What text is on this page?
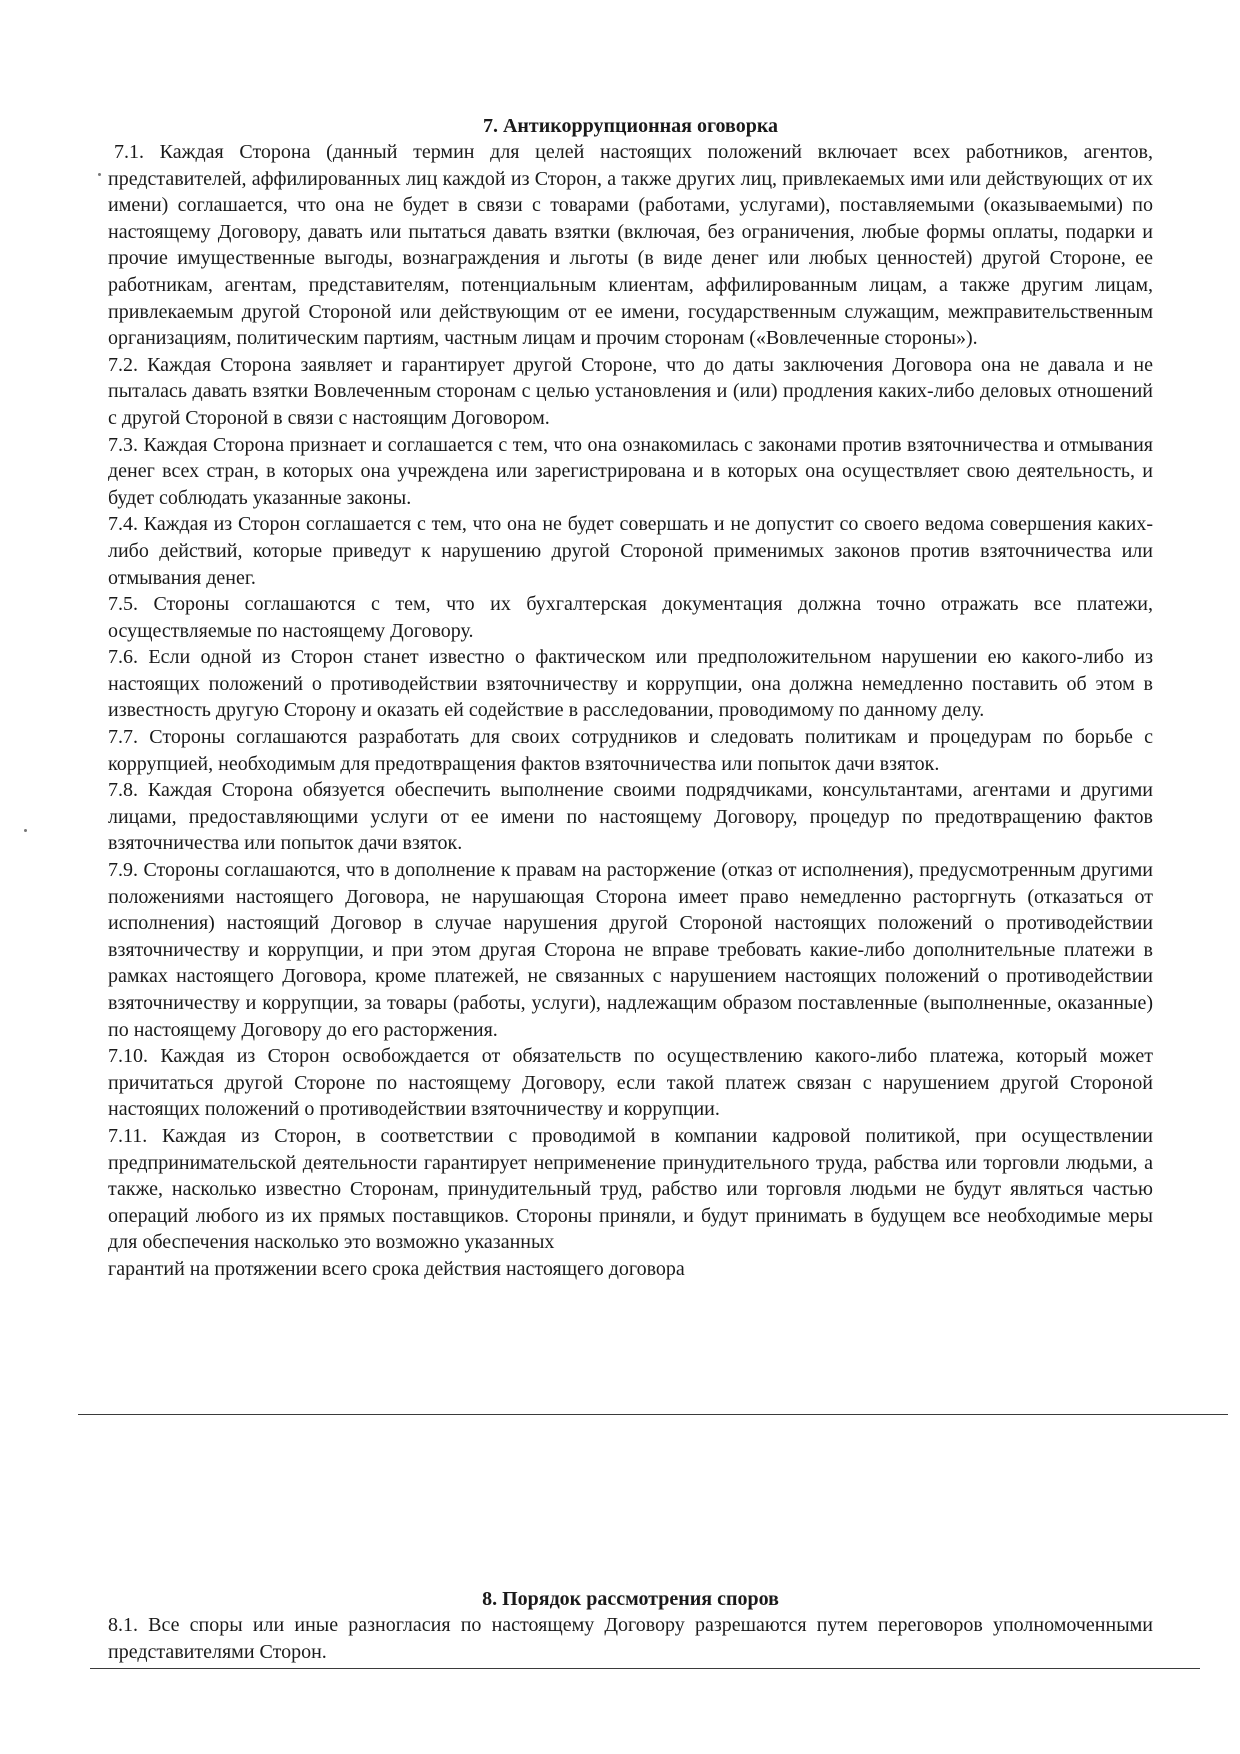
7. Антикоррупционная оговорка

7.1. Каждая Сторона (данный термин для целей настоящих положений включает всех работников, агентов, представителей, аффилированных лиц каждой из Сторон, а также других лиц, привлекаемых ими или действующих от их имени) соглашается, что она не будет в связи с товарами (работами, услугами), поставляемыми (оказываемыми) по настоящему Договору, давать или пытаться давать взятки (включая, без ограничения, любые формы оплаты, подарки и прочие имущественные выгоды, вознаграждения и льготы (в виде денег или любых ценностей) другой Стороне, ее работникам, агентам, представителям, потенциальным клиентам, аффилированным лицам, а также другим лицам, привлекаемым другой Стороной или действующим от ее имени, государственным служащим, межправительственным организациям, политическим партиям, частным лицам и прочим сторонам («Вовлеченные стороны»).

7.2. Каждая Сторона заявляет и гарантирует другой Стороне, что до даты заключения Договора она не давала и не пыталась давать взятки Вовлеченным сторонам с целью установления и (или) продления каких-либо деловых отношений с другой Стороной в связи с настоящим Договором.

7.3. Каждая Сторона признает и соглашается с тем, что она ознакомилась с законами против взяточничества и отмывания денег всех стран, в которых она учреждена или зарегистрирована и в которых она осуществляет свою деятельность, и будет соблюдать указанные законы.

7.4. Каждая из Сторон соглашается с тем, что она не будет совершать и не допустит со своего ведома совершения каких-либо действий, которые приведут к нарушению другой Стороной применимых законов против взяточничества или отмывания денег.

7.5. Стороны соглашаются с тем, что их бухгалтерская документация должна точно отражать все платежи, осуществляемые по настоящему Договору.

7.6. Если одной из Сторон станет известно о фактическом или предположительном нарушении ею какого-либо из настоящих положений о противодействии взяточничеству и коррупции, она должна немедленно поставить об этом в известность другую Сторону и оказать ей содействие в расследовании, проводимому по данному делу.

7.7. Стороны соглашаются разработать для своих сотрудников и следовать политикам и процедурам по борьбе с коррупцией, необходимым для предотвращения фактов взяточничества или попыток дачи взяток.

7.8. Каждая Сторона обязуется обеспечить выполнение своими подрядчиками, консультантами, агентами и другими лицами, предоставляющими услуги от ее имени по настоящему Договору, процедур по предотвращению фактов взяточничества или попыток дачи взяток.

7.9. Стороны соглашаются, что в дополнение к правам на расторжение (отказ от исполнения), предусмотренным другими положениями настоящего Договора, не нарушающая Сторона имеет право немедленно расторгнуть (отказаться от исполнения) настоящий Договор в случае нарушения другой Стороной настоящих положений о противодействии взяточничеству и коррупции, и при этом другая Сторона не вправе требовать какие-либо дополнительные платежи в рамках настоящего Договора, кроме платежей, не связанных с нарушением настоящих положений о противодействии взяточничеству и коррупции, за товары (работы, услуги), надлежащим образом поставленные (выполненные, оказанные) по настоящему Договору до его расторжения.

7.10. Каждая из Сторон освобождается от обязательств по осуществлению какого-либо платежа, который может причитаться другой Стороне по настоящему Договору, если такой платеж связан с нарушением другой Стороной настоящих положений о противодействии взяточничеству и коррупции.

7.11. Каждая из Сторон, в соответствии с проводимой в компании кадровой политикой, при осуществлении предпринимательской деятельности гарантирует неприменение принудительного труда, рабства или торговли людьми, а также, насколько известно Сторонам, принудительный труд, рабство или торговля людьми не будут являться частью операций любого из их прямых поставщиков. Стороны приняли, и будут принимать в будущем все необходимые меры для обеспечения насколько это возможно указанных

гарантий на протяжении всего срока действия настоящего договора

8. Порядок рассмотрения споров

8.1. Все споры или иные разногласия по настоящему Договору разрешаются путем переговоров уполномоченными представителями Сторон.
